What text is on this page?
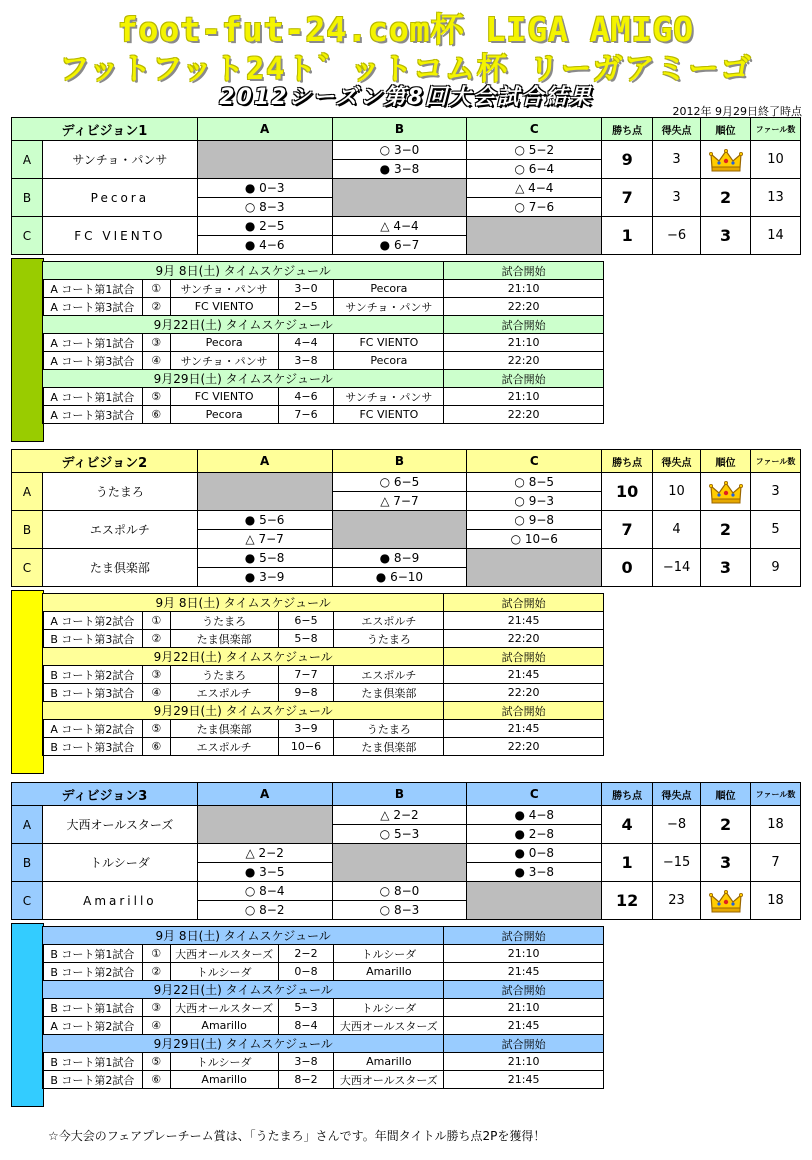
foot-fut-24.com杯 LIGA AMIGO
フットフット24ト゛ットコム杯 リーガアミーゴ
2012シーズン第8回大会試合結果
2012年 9月29日終了時点
ディビジョン1		A	B	C	勝ち点	得失点	順位	ファール数
A	サンチョ・パンサ		○ 3−0	○ 5−2	9	3		10
			● 3−8	○ 6−4				
B	Pecora	● 0−3		△ 4−4	7	3	2	13
		○ 8−3		○ 7−6				
C	FC VIENTO	● 2−5	△ 4−4		1	−6	3	14
		● 4−6	● 6−7					
9月 8日(土) タイムスケジュール					試合開始
A コート第1試合	①	サンチョ・パンサ	3−0	Pecora	21:10
A コート第3試合	②	FC VIENTO	2−5	サンチョ・パンサ	22:20
9月22日(土) タイムスケジュール					試合開始
A コート第1試合	③	Pecora	4−4	FC VIENTO	21:10
A コート第3試合	④	サンチョ・パンサ	3−8	Pecora	22:20
9月29日(土) タイムスケジュール					試合開始
A コート第1試合	⑤	FC VIENTO	4−6	サンチョ・パンサ	21:10
A コート第3試合	⑥	Pecora	7−6	FC VIENTO	22:20
ディビジョン2		A	B	C	勝ち点	得失点	順位	ファール数
A	うたまろ		○ 6−5	○ 8−5	10	10		3
			△ 7−7	○ 9−3				
B	エスポルチ	● 5−6		○ 9−8	7	4	2	5
		△ 7−7		○ 10−6				
C	たま倶楽部	● 5−8	● 8−9		0	−14	3	9
		● 3−9	● 6−10					
9月 8日(土) タイムスケジュール					試合開始
A コート第2試合	①	うたまろ	6−5	エスポルチ	21:45
B コート第3試合	②	たま倶楽部	5−8	うたまろ	22:20
9月22日(土) タイムスケジュール					試合開始
B コート第2試合	③	うたまろ	7−7	エスポルチ	21:45
B コート第3試合	④	エスポルチ	9−8	たま倶楽部	22:20
9月29日(土) タイムスケジュール					試合開始
A コート第2試合	⑤	たま倶楽部	3−9	うたまろ	21:45
B コート第3試合	⑥	エスポルチ	10−6	たま倶楽部	22:20
ディビジョン3		A	B	C	勝ち点	得失点	順位	ファール数
A	大西オールスターズ		△ 2−2	● 4−8	4	−8	2	18
			○ 5−3	● 2−8				
B	トルシーダ	△ 2−2		● 0−8	1	−15	3	7
		● 3−5		● 3−8				
C	Amarillo	○ 8−4	○ 8−0		12	23		18
		○ 8−2	○ 8−3					
9月 8日(土) タイムスケジュール					試合開始
B コート第1試合	①	大西オールスターズ	2−2	トルシーダ	21:10
B コート第2試合	②	トルシーダ	0−8	Amarillo	21:45
9月22日(土) タイムスケジュール					試合開始
B コート第1試合	③	大西オールスターズ	5−3	トルシーダ	21:10
A コート第2試合	④	Amarillo	8−4	大西オールスターズ	21:45
9月29日(土) タイムスケジュール					試合開始
B コート第1試合	⑤	トルシーダ	3−8	Amarillo	21:10
B コート第2試合	⑥	Amarillo	8−2	大西オールスターズ	21:45
☆今大会のフェアプレーチーム賞は、「うたまろ」さんです。年間タイトル勝ち点2Pを獲得！
